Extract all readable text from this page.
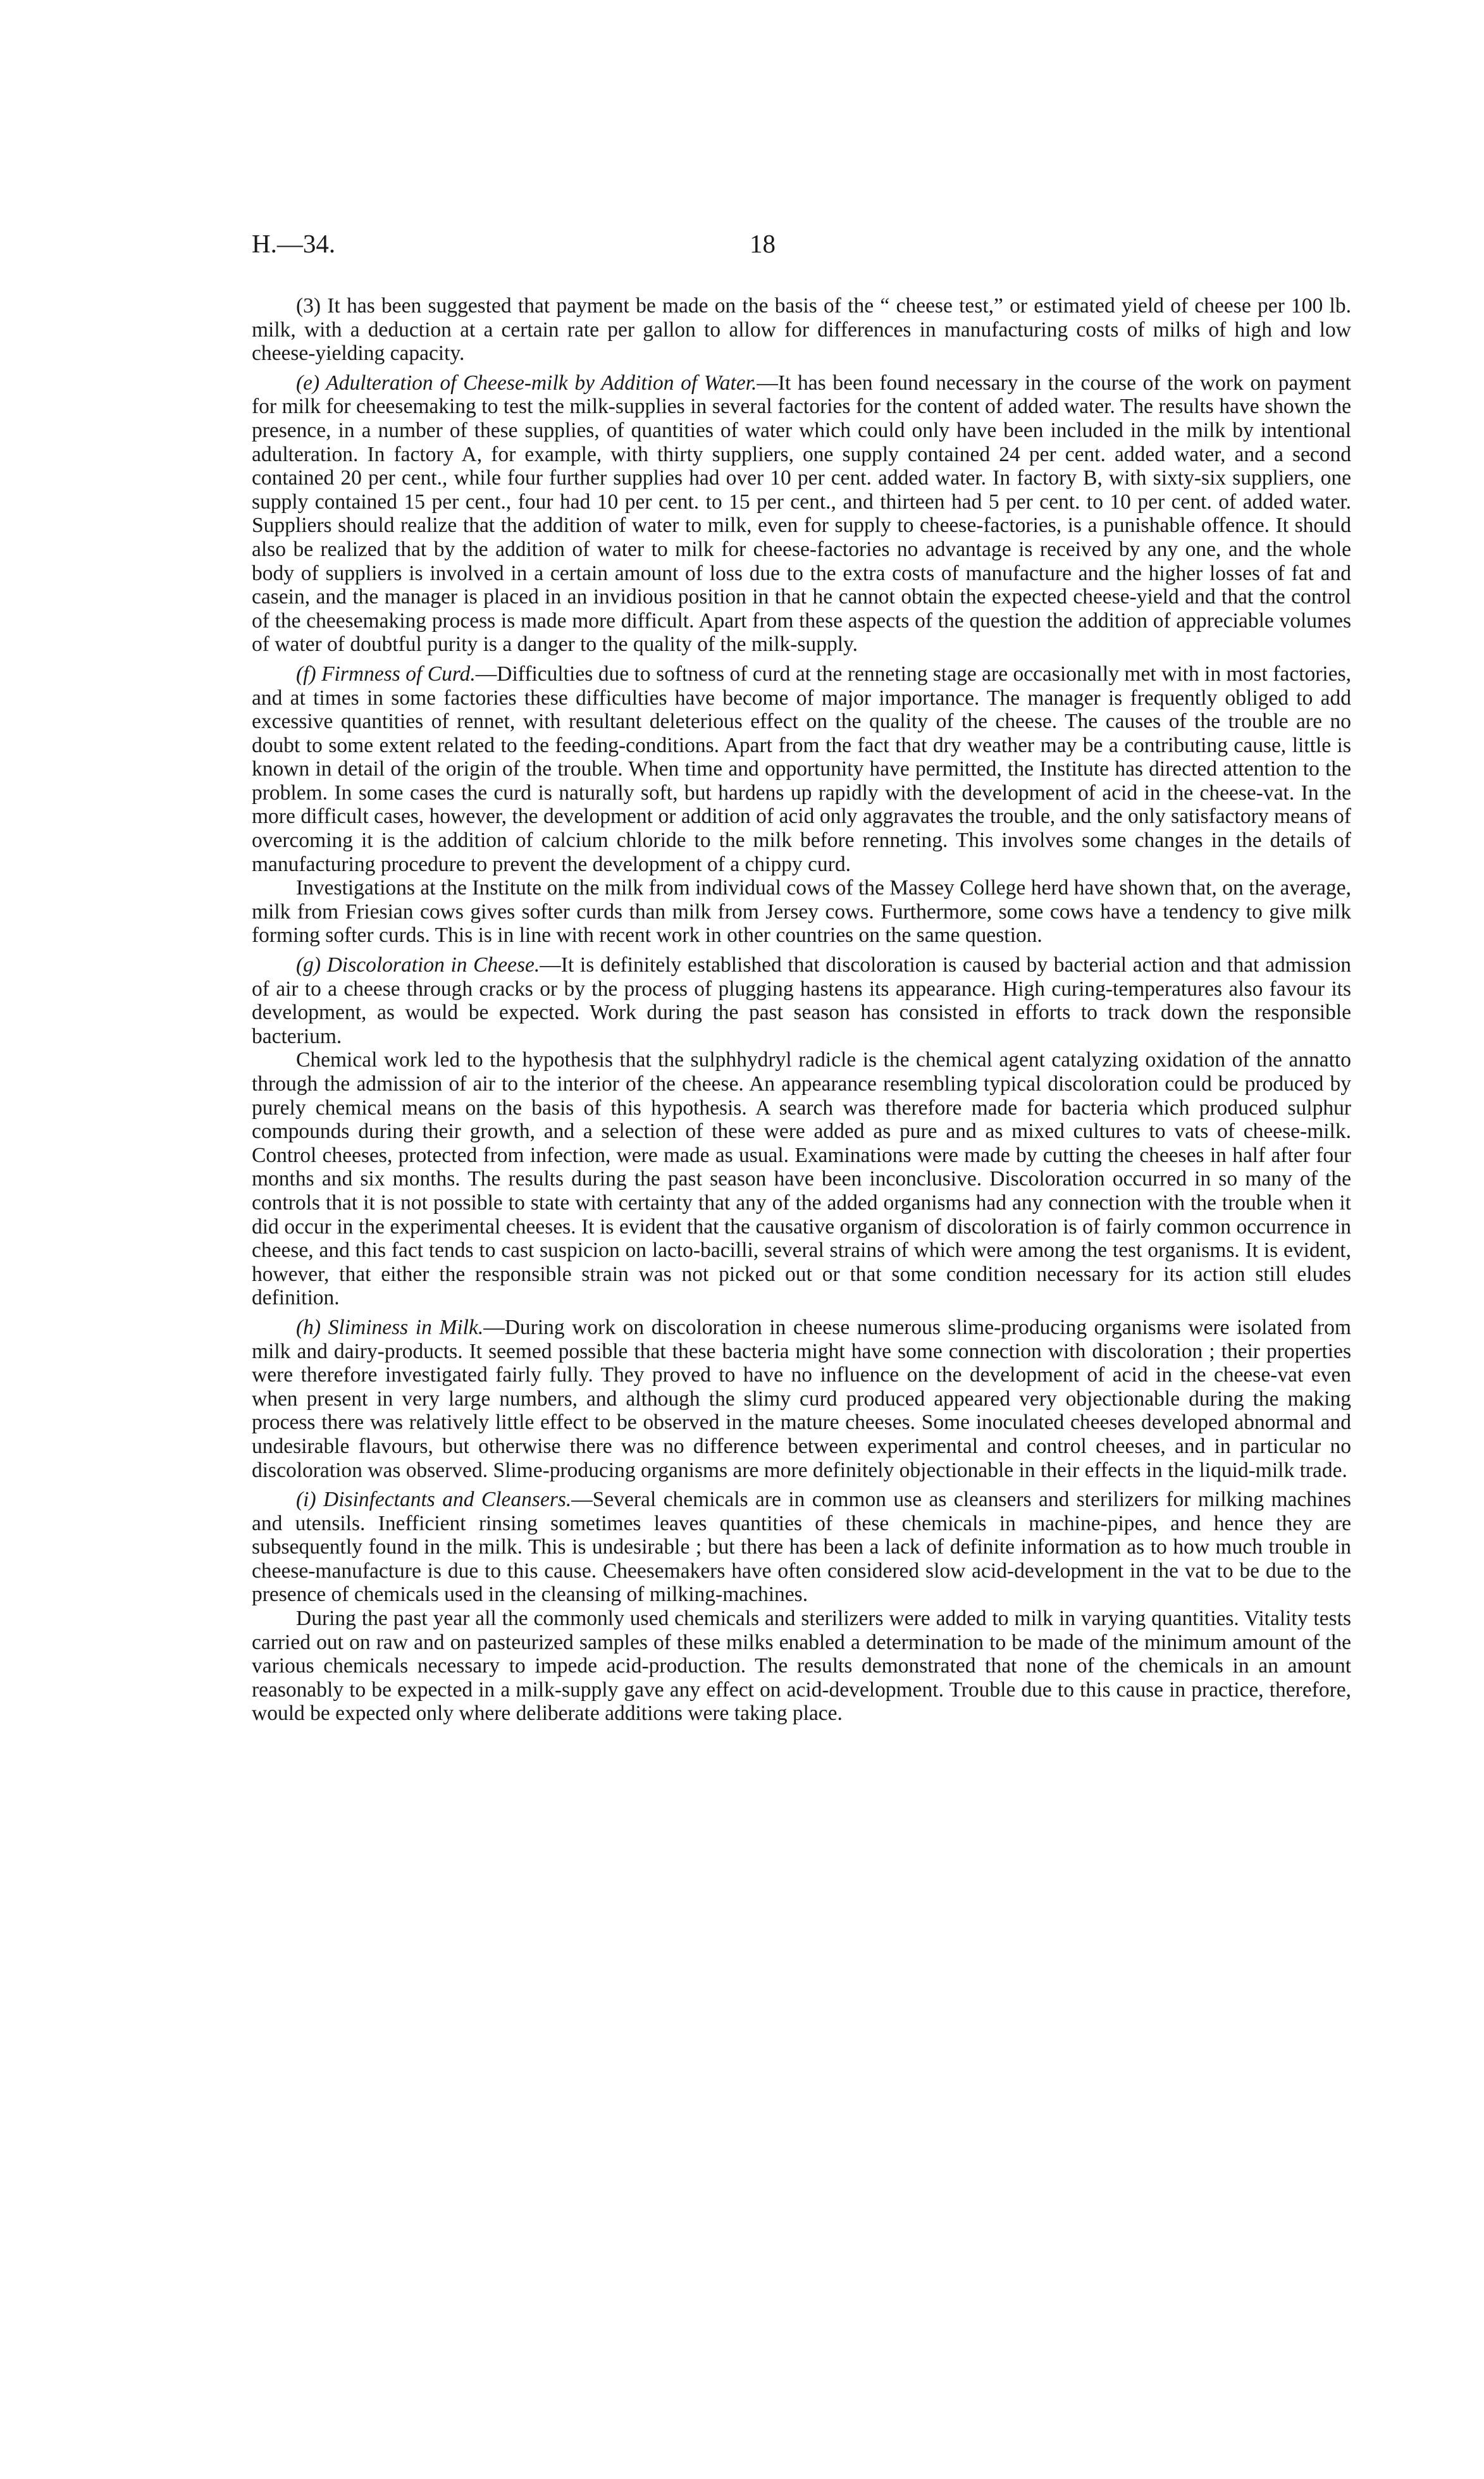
H.—34.	18

(3) It has been suggested that payment be made on the basis of the “ cheese test,” or estimated yield of cheese per 100 lb. milk, with a deduction at a certain rate per gallon to allow for differences in manufacturing costs of milks of high and low cheese-yielding capacity.

(e) Adulteration of Cheese-milk by Addition of Water.—It has been found necessary in the course of the work on payment for milk for cheesemaking to test the milk-supplies in several factories for the content of added water. The results have shown the presence, in a number of these supplies, of quantities of water which could only have been included in the milk by intentional adulteration. In factory A, for example, with thirty suppliers, one supply contained 24 per cent. added water, and a second contained 20 per cent., while four further supplies had over 10 per cent. added water. In factory B, with sixty-six suppliers, one supply contained 15 per cent., four had 10 per cent. to 15 per cent., and thirteen had 5 per cent. to 10 per cent. of added water. Suppliers should realize that the addition of water to milk, even for supply to cheese-factories, is a punishable offence. It should also be realized that by the addition of water to milk for cheese-factories no advantage is received by any one, and the whole body of suppliers is involved in a certain amount of loss due to the extra costs of manufacture and the higher losses of fat and casein, and the manager is placed in an invidious position in that he cannot obtain the expected cheese-yield and that the control of the cheesemaking process is made more difficult. Apart from these aspects of the question the addition of appreciable volumes of water of doubtful purity is a danger to the quality of the milk-supply.

(f) Firmness of Curd.—Difficulties due to softness of curd at the renneting stage are occasionally met with in most factories, and at times in some factories these difficulties have become of major importance. The manager is frequently obliged to add excessive quantities of rennet, with resultant deleterious effect on the quality of the cheese. The causes of the trouble are no doubt to some extent related to the feeding-conditions. Apart from the fact that dry weather may be a contributing cause, little is known in detail of the origin of the trouble. When time and opportunity have permitted, the Institute has directed attention to the problem. In some cases the curd is naturally soft, but hardens up rapidly with the development of acid in the cheese-vat. In the more difficult cases, however, the development or addition of acid only aggravates the trouble, and the only satisfactory means of overcoming it is the addition of calcium chloride to the milk before renneting. This involves some changes in the details of manufacturing procedure to prevent the development of a chippy curd.

Investigations at the Institute on the milk from individual cows of the Massey College herd have shown that, on the average, milk from Friesian cows gives softer curds than milk from Jersey cows. Furthermore, some cows have a tendency to give milk forming softer curds. This is in line with recent work in other countries on the same question.

(g) Discoloration in Cheese.—It is definitely established that discoloration is caused by bacterial action and that admission of air to a cheese through cracks or by the process of plugging hastens its appearance. High curing-temperatures also favour its development, as would be expected. Work during the past season has consisted in efforts to track down the responsible bacterium.

Chemical work led to the hypothesis that the sulphhydryl radicle is the chemical agent catalyzing oxidation of the annatto through the admission of air to the interior of the cheese. An appearance resembling typical discoloration could be produced by purely chemical means on the basis of this hypothesis. A search was therefore made for bacteria which produced sulphur compounds during their growth, and a selection of these were added as pure and as mixed cultures to vats of cheese-milk. Control cheeses, protected from infection, were made as usual. Examinations were made by cutting the cheeses in half after four months and six months. The results during the past season have been inconclusive. Discoloration occurred in so many of the controls that it is not possible to state with certainty that any of the added organisms had any connection with the trouble when it did occur in the experimental cheeses. It is evident that the causative organism of discoloration is of fairly common occurrence in cheese, and this fact tends to cast suspicion on lacto-bacilli, several strains of which were among the test organisms. It is evident, however, that either the responsible strain was not picked out or that some condition necessary for its action still eludes definition.

(h) Sliminess in Milk.—During work on discoloration in cheese numerous slime-producing organisms were isolated from milk and dairy-products. It seemed possible that these bacteria might have some connection with discoloration ; their properties were therefore investigated fairly fully. They proved to have no influence on the development of acid in the cheese-vat even when present in very large numbers, and although the slimy curd produced appeared very objectionable during the making process there was relatively little effect to be observed in the mature cheeses. Some inoculated cheeses developed abnormal and undesirable flavours, but otherwise there was no difference between experimental and control cheeses, and in particular no discoloration was observed. Slime-producing organisms are more definitely objectionable in their effects in the liquid-milk trade.

(i) Disinfectants and Cleansers.—Several chemicals are in common use as cleansers and sterilizers for milking machines and utensils. Inefficient rinsing sometimes leaves quantities of these chemicals in machine-pipes, and hence they are subsequently found in the milk. This is undesirable ; but there has been a lack of definite information as to how much trouble in cheese-manufacture is due to this cause. Cheesemakers have often considered slow acid-development in the vat to be due to the presence of chemicals used in the cleansing of milking-machines.

During the past year all the commonly used chemicals and sterilizers were added to milk in varying quantities. Vitality tests carried out on raw and on pasteurized samples of these milks enabled a determination to be made of the minimum amount of the various chemicals necessary to impede acid-production. The results demonstrated that none of the chemicals in an amount reasonably to be expected in a milk-supply gave any effect on acid-development. Trouble due to this cause in practice, therefore, would be expected only where deliberate additions were taking place.
